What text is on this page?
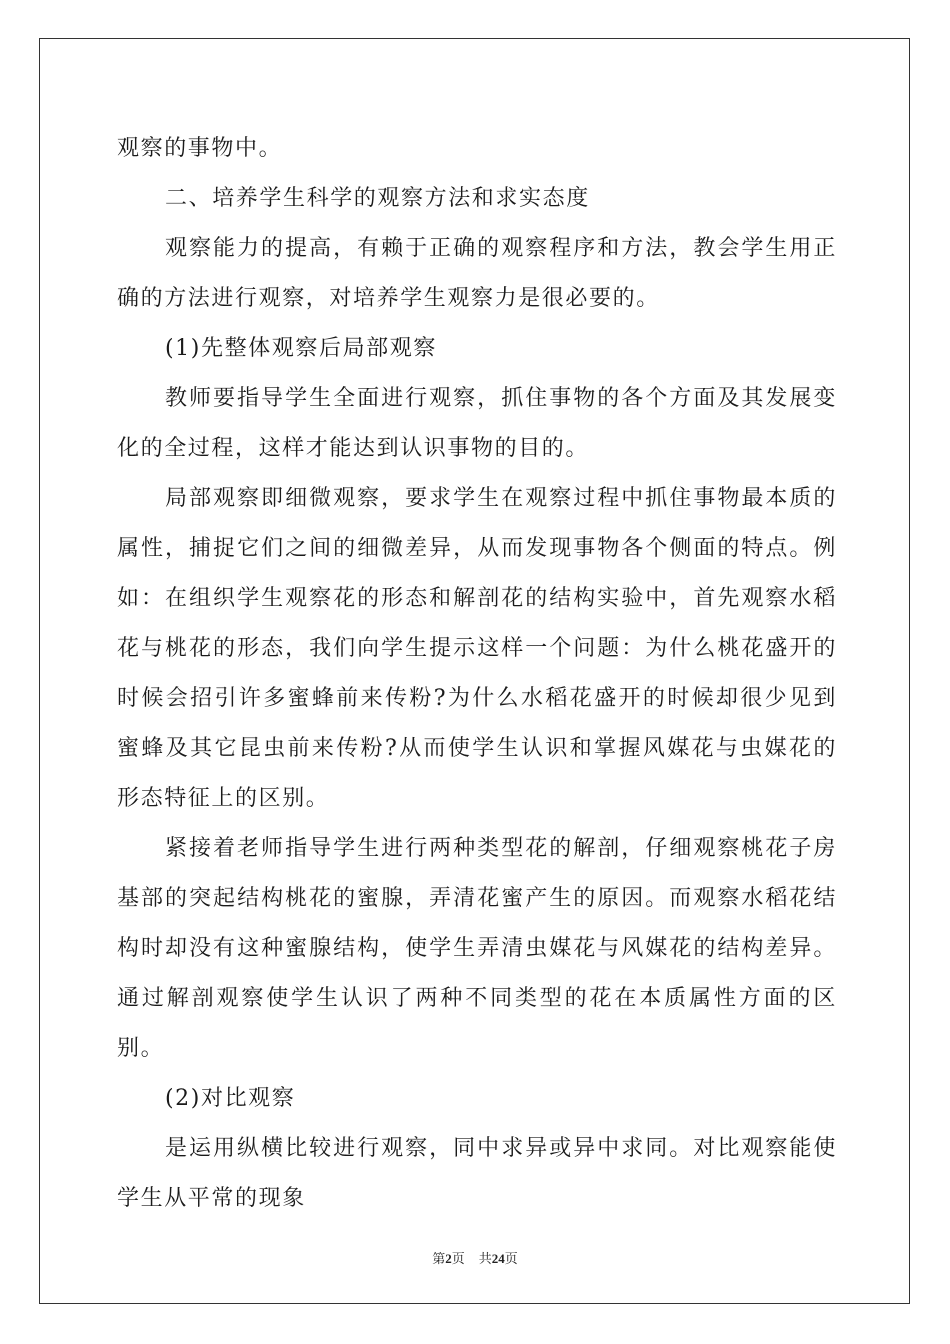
观察的事物中。

二、培养学生科学的观察方法和求实态度

观察能力的提高，有赖于正确的观察程序和方法，教会学生用正确的方法进行观察，对培养学生观察力是很必要的。

(1)先整体观察后局部观察

教师要指导学生全面进行观察，抓住事物的各个方面及其发展变化的全过程，这样才能达到认识事物的目的。

局部观察即细微观察，要求学生在观察过程中抓住事物最本质的属性，捕捉它们之间的细微差异，从而发现事物各个侧面的特点。例如：在组织学生观察花的形态和解剖花的结构实验中，首先观察水稻花与桃花的形态，我们向学生提示这样一个问题：为什么桃花盛开的时候会招引许多蜜蜂前来传粉?为什么水稻花盛开的时候却很少见到蜜蜂及其它昆虫前来传粉?从而使学生认识和掌握风媒花与虫媒花的形态特征上的区别。

紧接着老师指导学生进行两种类型花的解剖，仔细观察桃花子房基部的突起结构桃花的蜜腺，弄清花蜜产生的原因。而观察水稻花结构时却没有这种蜜腺结构，使学生弄清虫媒花与风媒花的结构差异。通过解剖观察使学生认识了两种不同类型的花在本质属性方面的区别。

(2)对比观察

是运用纵横比较进行观察，同中求异或异中求同。对比观察能使学生从平常的现象

第2页 共24页
